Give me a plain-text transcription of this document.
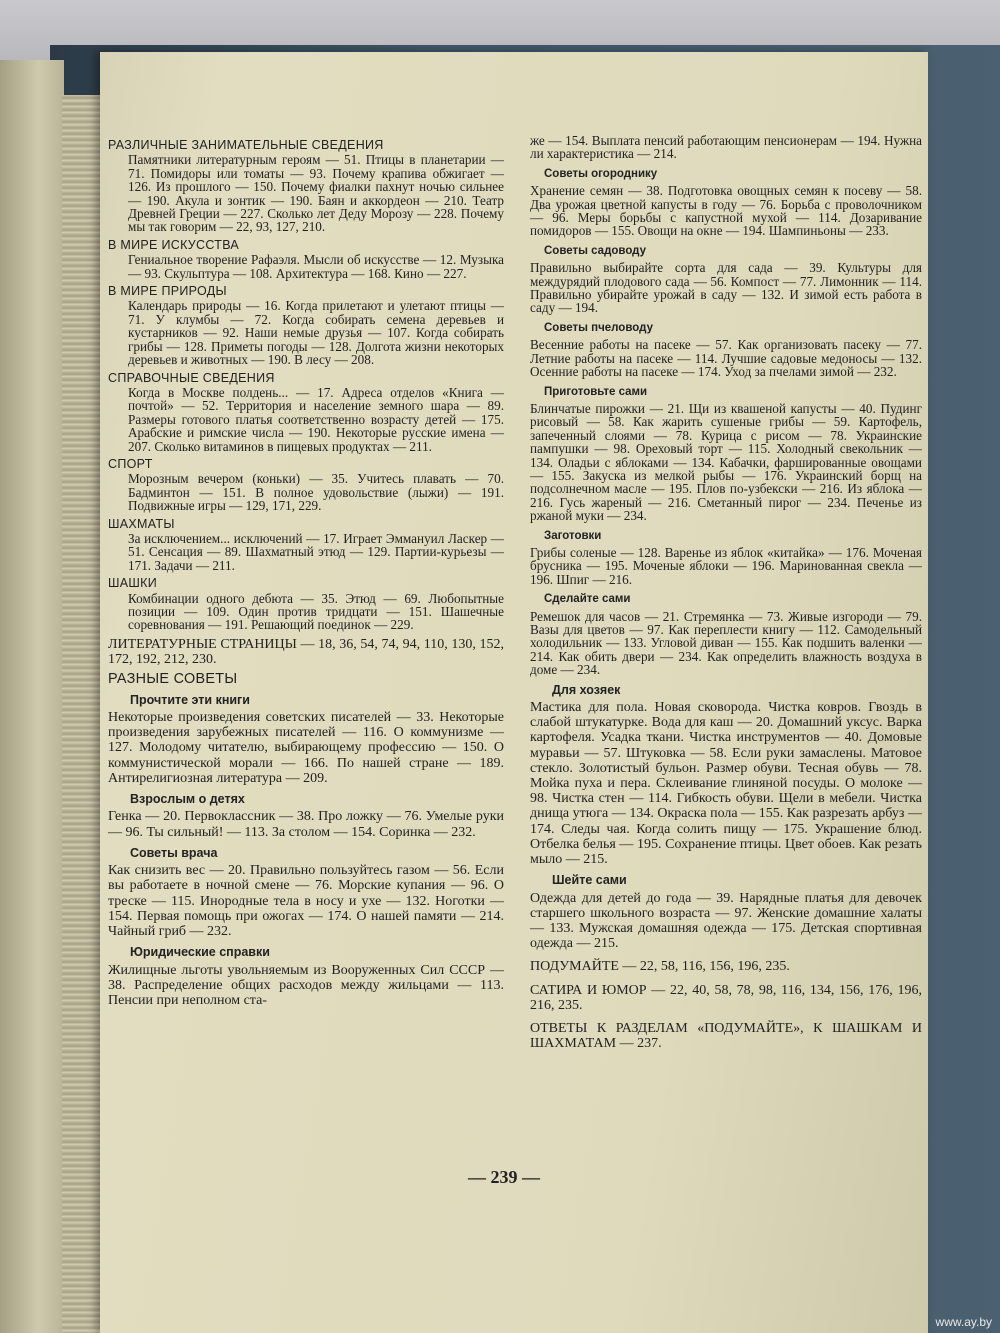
РАЗЛИЧНЫЕ ЗАНИМАТЕЛЬНЫЕ СВЕДЕНИЯ

Памятники литературным героям — 51. Птицы в планетарии — 71. Помидоры или томаты — 93. Почему крапива обжигает — 126. Из прошлого — 150. Почему фиалки пахнут ночью сильнее — 190. Акула и зонтик — 190. Баян и аккордеон — 210. Театр Древней Греции — 227. Сколько лет Деду Морозу — 228. Почему мы так говорим — 22, 93, 127, 210.

В МИРЕ ИСКУССТВА

Гениальное творение Рафаэля. Мысли об искусстве — 12. Музыка — 93. Скульптура — 108. Архитектура — 168. Кино — 227.

В МИРЕ ПРИРОДЫ

Календарь природы — 16. Когда прилетают и улетают птицы — 71. У клумбы — 72. Когда собирать семена деревьев и кустарников — 92. Наши немые друзья — 107. Когда собирать грибы — 128. Приметы погоды — 128. Долгота жизни некоторых деревьев и животных — 190. В лесу — 208.

СПРАВОЧНЫЕ СВЕДЕНИЯ

Когда в Москве полдень... — 17. Адреса отделов «Книга — почтой» — 52. Территория и население земного шара — 89. Размеры готового платья соответственно возрасту детей — 175. Арабские и римские числа — 190. Некоторые русские имена — 207. Сколько витаминов в пищевых продуктах — 211.

СПОРТ

Морозным вечером (коньки) — 35. Учитесь плавать — 70. Бадминтон — 151. В полное удовольствие (лыжи) — 191. Подвижные игры — 129, 171, 229.

ШАХМАТЫ

За исключением... исключений — 17. Играет Эммануил Ласкер — 51. Сенсация — 89. Шахматный этюд — 129. Партии-курьезы — 171. Задачи — 211.

ШАШКИ

Комбинации одного дебюта — 35. Этюд — 69. Любопытные позиции — 109. Один против тридцати — 151. Шашечные соревнования — 191. Решающий поединок — 229.

ЛИТЕРАТУРНЫЕ СТРАНИЦЫ — 18, 36, 54, 74, 94, 110, 130, 152, 172, 192, 212, 230.

РАЗНЫЕ СОВЕТЫ
Прочтите эти книги

Некоторые произведения советских писателей — 33. Некоторые произведения зарубежных писателей — 116. О коммунизме — 127. Молодому читателю, выбирающему профессию — 150. О коммунистической морали — 166. По нашей стране — 189. Антирелигиозная литература — 209.

Взрослым о детях

Генка — 20. Первоклассник — 38. Про ложку — 76. Умелые руки — 96. Ты сильный! — 113. За столом — 154. Соринка — 232.

Советы врача

Как снизить вес — 20. Правильно пользуйтесь газом — 56. Если вы работаете в ночной смене — 76. Морские купания — 96. О треске — 115. Инородные тела в носу и ухе — 132. Ноготки — 154. Первая помощь при ожогах — 174. О нашей памяти — 214. Чайный гриб — 232.

Юридические справки

Жилищные льготы увольняемым из Вооруженных Сил СССР — 38. Распределение общих расходов между жильцами — 113. Пенсии при неполном ста-

же — 154. Выплата пенсий работающим пенсионерам — 194. Нужна ли характеристика — 214.

Советы огороднику

Хранение семян — 38. Подготовка овощных семян к посеву — 58. Два урожая цветной капусты в году — 76. Борьба с проволочником — 96. Меры борьбы с капустной мухой — 114. Дозаривание помидоров — 155. Овощи на окне — 194. Шампиньоны — 233.

Советы садоводу

Правильно выбирайте сорта для сада — 39. Культуры для междурядий плодового сада — 56. Компост — 77. Лимонник — 114. Правильно убирайте урожай в саду — 132. И зимой есть работа в саду — 194.

Советы пчеловоду

Весенние работы на пасеке — 57. Как организовать пасеку — 77. Летние работы на пасеке — 114. Лучшие садовые медоносы — 132. Осенние работы на пасеке — 174. Уход за пчелами зимой — 232.

Приготовьте сами

Блинчатые пирожки — 21. Щи из квашеной капусты — 40. Пудинг рисовый — 58. Как жарить сушеные грибы — 59. Картофель, запеченный слоями — 78. Курица с рисом — 78. Украинские пампушки — 98. Ореховый торт — 115. Холодный свекольник — 134. Оладьи с яблоками — 134. Кабачки, фаршированные овощами — 155. Закуска из мелкой рыбы — 176. Украинский борщ на подсолнечном масле — 195. Плов по-узбекски — 216. Из яблока — 216. Гусь жареный — 216. Сметанный пирог — 234. Печенье из ржаной муки — 234.

Заготовки

Грибы соленые — 128. Варенье из яблок «китайка» — 176. Моченая брусника — 195. Моченые яблоки — 196. Маринованная свекла — 196. Шпиг — 216.

Сделайте сами

Ремешок для часов — 21. Стремянка — 73. Живые изгороди — 79. Вазы для цветов — 97. Как переплести книгу — 112. Самодельный холодильник — 133. Угловой диван — 155. Как подшить валенки — 214. Как обить двери — 234. Как определить влажность воздуха в доме — 234.

Для хозяек

Мастика для пола. Новая сковорода. Чистка ковров. Гвоздь в слабой штукатурке. Вода для каш — 20. Домашний уксус. Варка картофеля. Усадка ткани. Чистка инструментов — 40. Домовые муравьи — 57. Штуковка — 58. Если руки замаслены. Матовое стекло. Золотистый бульон. Размер обуви. Тесная обувь — 78. Мойка пуха и пера. Склеивание глиняной посуды. О молоке — 98. Чистка стен — 114. Гибкость обуви. Щели в мебели. Чистка днища утюга — 134. Окраска пола — 155. Как разрезать арбуз — 174. Следы чая. Когда солить пищу — 175. Украшение блюд. Отбелка белья — 195. Сохранение птицы. Цвет обоев. Как резать мыло — 215.

Шейте сами

Одежда для детей до года — 39. Нарядные платья для девочек старшего школьного возраста — 97. Женские домашние халаты — 133. Мужская домашняя одежда — 175. Детская спортивная одежда — 215.

ПОДУМАЙТЕ — 22, 58, 116, 156, 196, 235.

САТИРА И ЮМОР — 22, 40, 58, 78, 98, 116, 134, 156, 176, 196, 216, 235.

ОТВЕТЫ К РАЗДЕЛАМ «ПОДУМАЙТЕ», К ШАШКАМ И ШАХМАТАМ — 237.

— 239 —
www.ay.by
